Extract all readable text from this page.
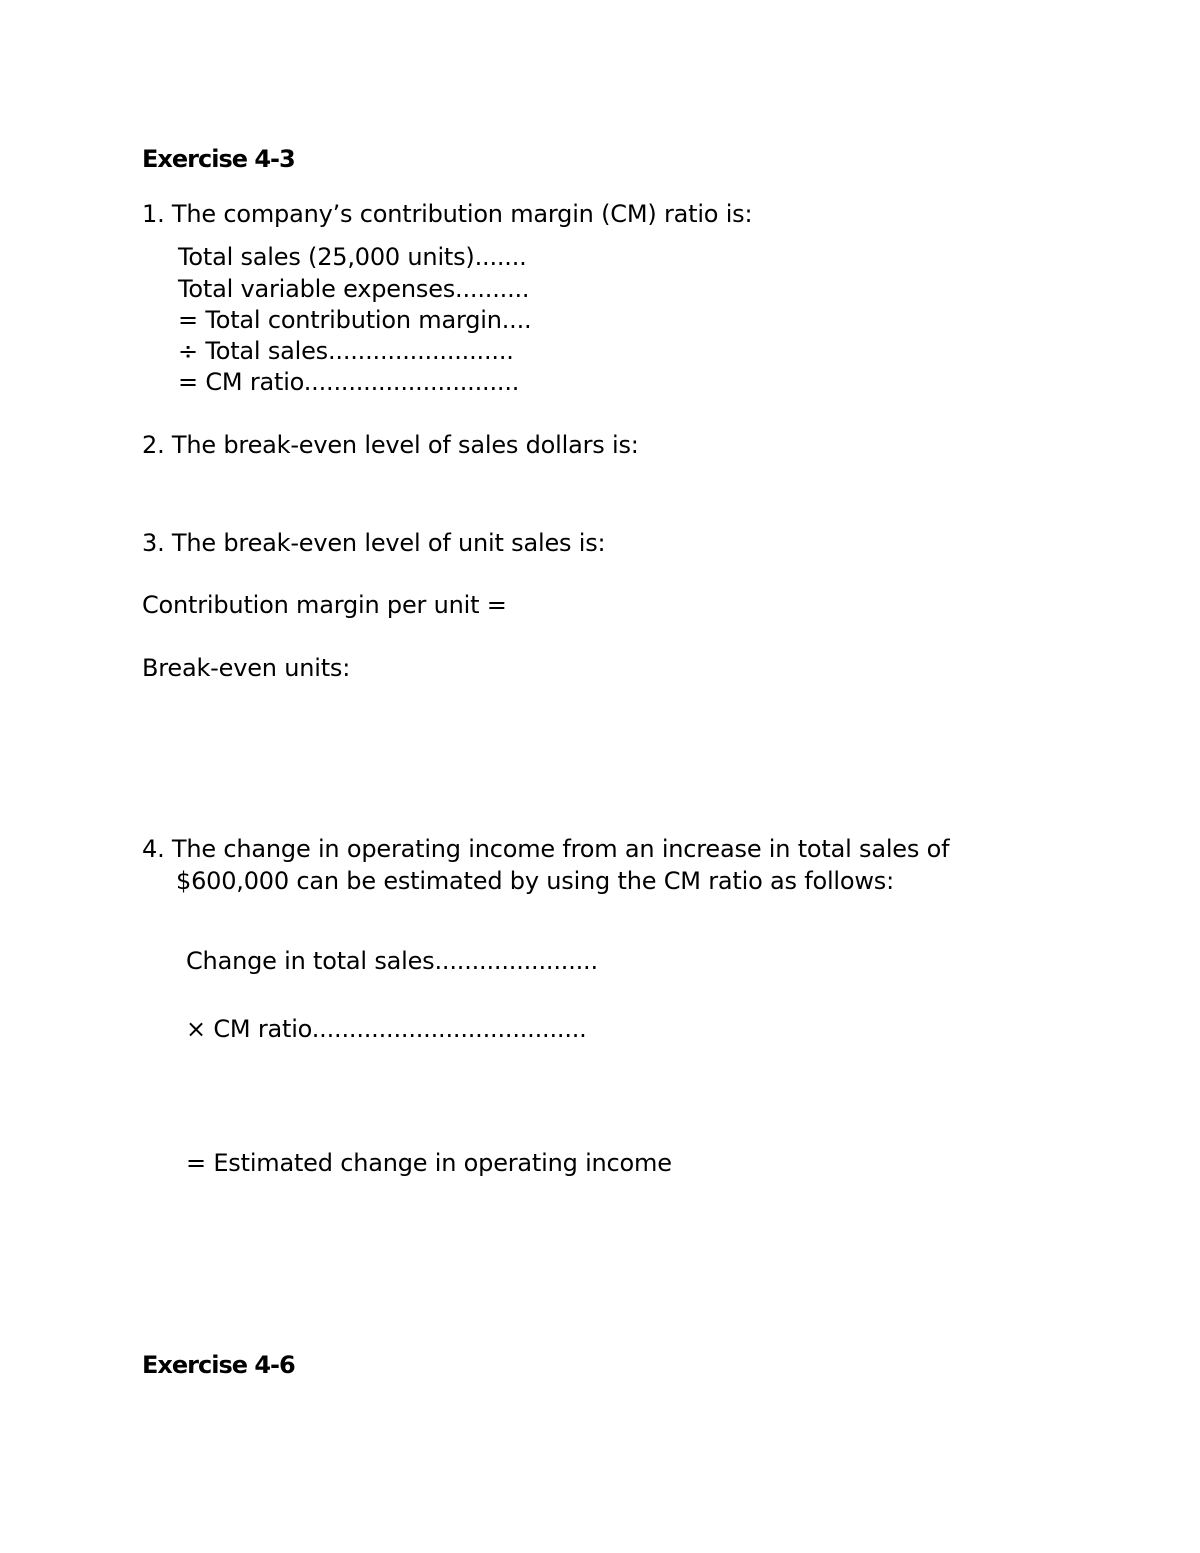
Exercise 4-3
1. The company’s contribution margin (CM) ratio is:
Total sales (25,000 units).......
Total variable expenses..........
= Total contribution margin....
÷ Total sales.........................
= CM ratio.............................
2. The break-even level of sales dollars is:
3. The break-even level of unit sales is:
Contribution margin per unit =
Break-even units:
4. The change in operating income from an increase in total sales of
$600,000 can be estimated by using the CM ratio as follows:
Change in total sales......................
× CM ratio.....................................
= Estimated change in operating income
Exercise 4-6
